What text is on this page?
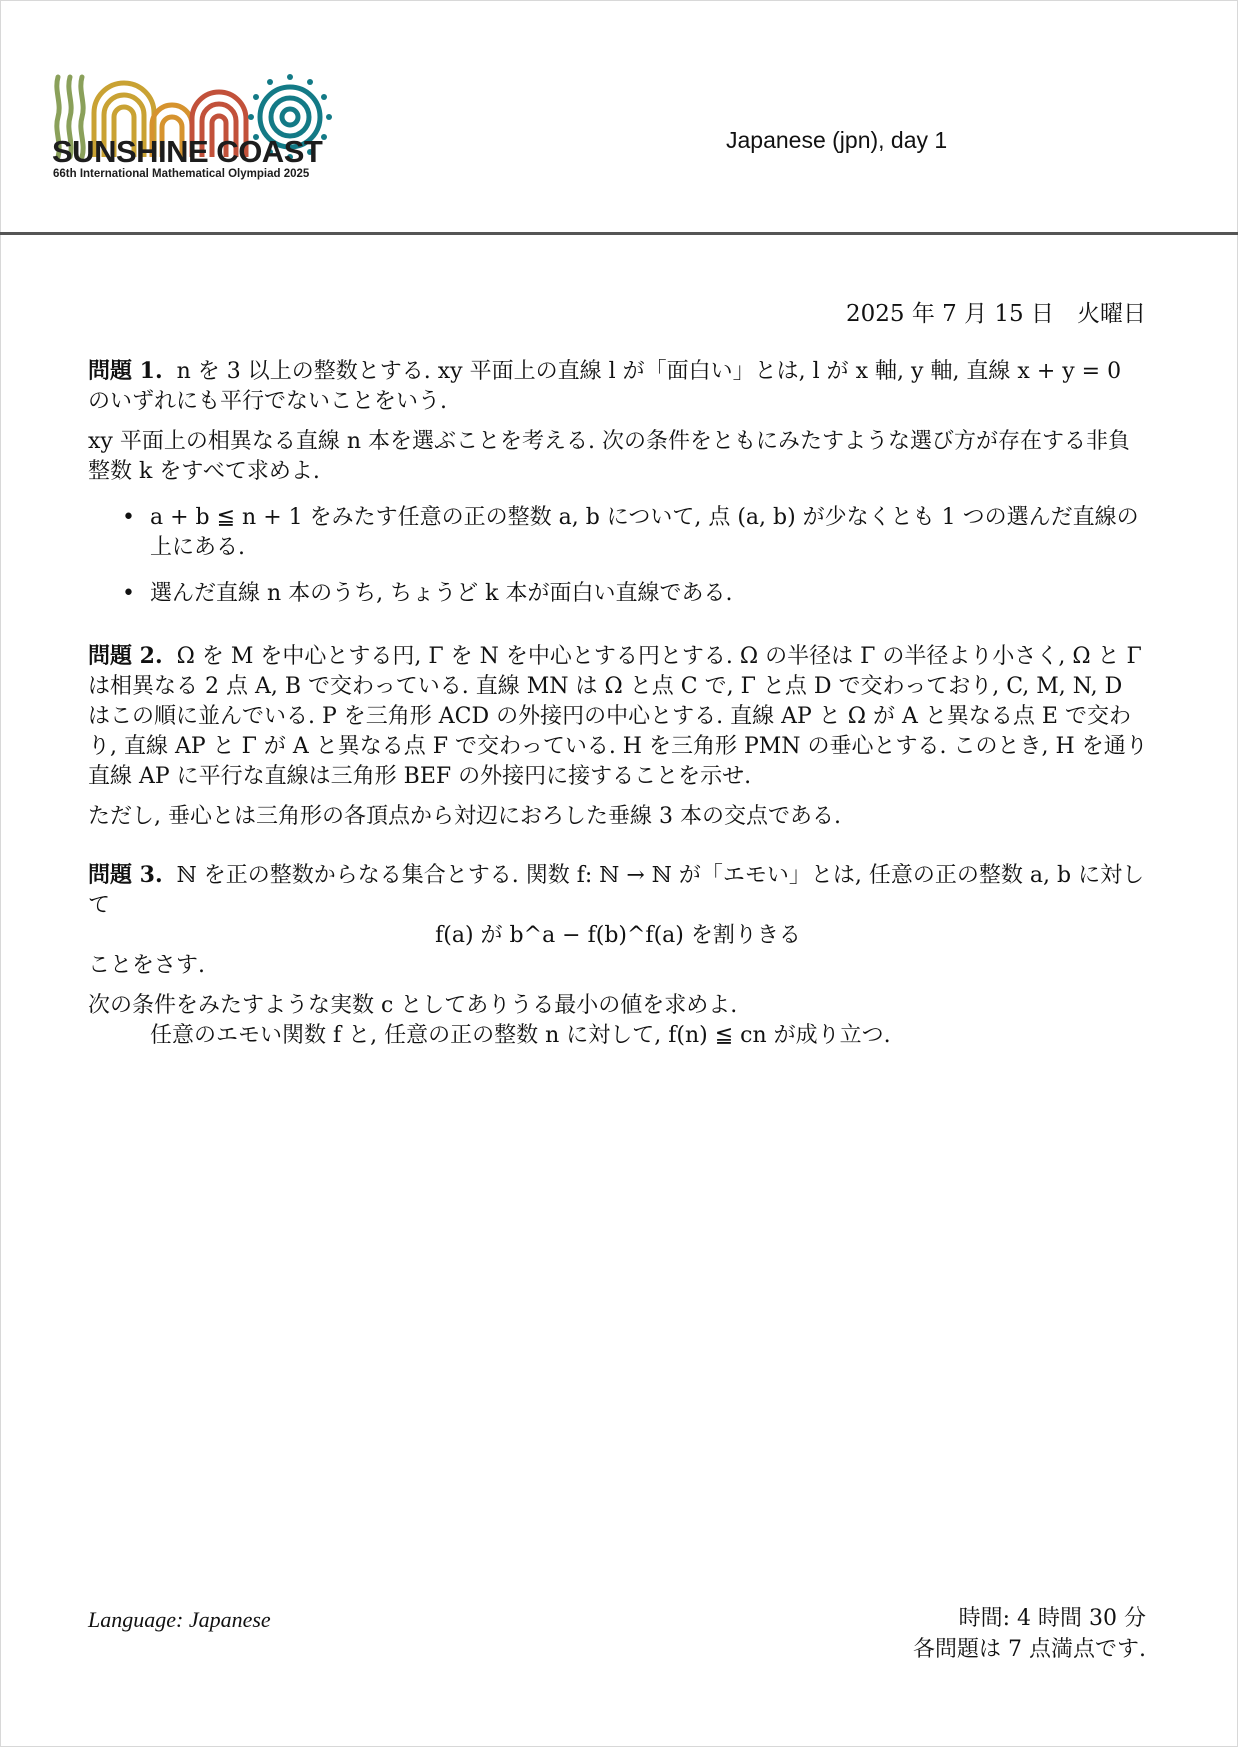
SUNSHINE COAST
66th International Mathematical Olympiad 2025
Japanese (jpn), day 1
2025 年 7 月 15 日　火曜日

問題 1. n を 3 以上の整数とする. xy 平面上の直線 l が「面白い」とは, l が x 軸, y 軸, 直線 x + y = 0 のいずれにも平行でないことをいう.

xy 平面上の相異なる直線 n 本を選ぶことを考える. 次の条件をともにみたすような選び方が存在する非負整数 k をすべて求めよ.

• a + b ≦ n + 1 をみたす任意の正の整数 a, b について, 点 (a, b) が少なくとも 1 つの選んだ直線の上にある.
• 選んだ直線 n 本のうち, ちょうど k 本が面白い直線である.

問題 2. Ω を M を中心とする円, Γ を N を中心とする円とする. Ω の半径は Γ の半径より小さく, Ω と Γ は相異なる 2 点 A, B で交わっている. 直線 MN は Ω と点 C で, Γ と点 D で交わっており, C, M, N, D はこの順に並んでいる. P を三角形 ACD の外接円の中心とする. 直線 AP と Ω が A と異なる点 E で交わり, 直線 AP と Γ が A と異なる点 F で交わっている. H を三角形 PMN の垂心とする. このとき, H を通り直線 AP に平行な直線は三角形 BEF の外接円に接することを示せ.

ただし, 垂心とは三角形の各頂点から対辺におろした垂線 3 本の交点である.

問題 3. ℕ を正の整数からなる集合とする. 関数 f: ℕ → ℕ が「エモい」とは, 任意の正の整数 a, b に対して

f(a) が b^a − f(b)^f(a) を割りきる

ことをさす.

次の条件をみたすような実数 c としてありうる最小の値を求めよ.

任意のエモい関数 f と, 任意の正の整数 n に対して, f(n) ≦ cn が成り立つ.

Language: Japanese	時間: 4 時間 30 分
各問題は 7 点満点です.
